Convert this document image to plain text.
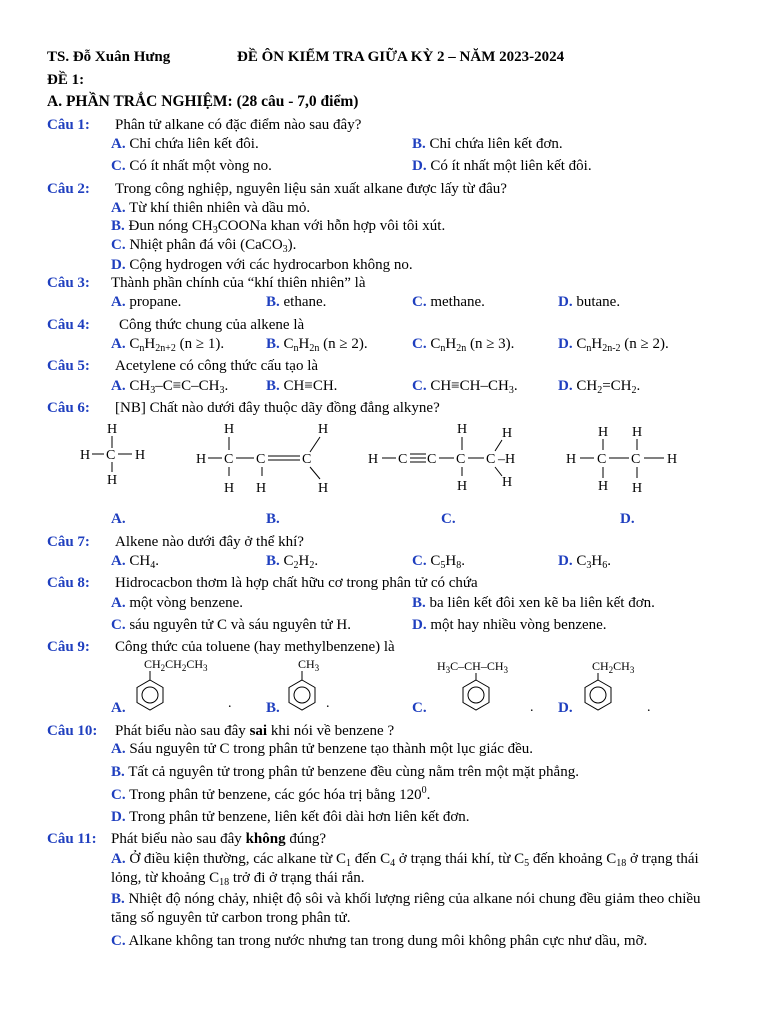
TS. Đỗ Xuân Hưng	ĐỀ ÔN KIỂM TRA GIỮA KỲ 2 – NĂM 2023-2024
ĐỀ 1:
A. PHẦN TRẮC NGHIỆM: (28 câu - 7,0 điểm)
Câu 1: Phân tử alkane có đặc điểm nào sau đây?
A. Chỉ chứa liên kết đôi.	B. Chỉ chứa liên kết đơn.
C. Có ít nhất một vòng no.	D. Có ít nhất một liên kết đôi.
Câu 2: Trong công nghiệp, nguyên liệu sản xuất alkane được lấy từ đâu?
A. Từ khí thiên nhiên và dầu mỏ.
B. Đun nóng $CH_3COONa$ khan với hỗn hợp vôi tôi xút.
C. Nhiệt phân đá vôi (CaCO$_3$).
D. Cộng hydrogen với các hydrocarbon không no.
Câu 3: Thành phần chính của “khí thiên nhiên” là
A. propane.	B. ethane.	C. methane.	D. butane.
Câu 4: Công thức chung của alkene là
A. $C_nH_{2n+2}$ (n ≥ 1).	B. $C_nH_{2n}$ (n ≥ 2).	C. $C_nH_{2n}$ (n ≥ 3).	D. $C_nH_{2n-2}$ (n ≥ 2).
Câu 5: Acetylene có công thức cấu tạo là
A. $CH_3-C\equiv C-CH_3$.	B. CH≡CH.	C. $CH\equiv CH-CH_3$.	D. $CH_2=CH_2$.
Câu 6: [NB] Chất nào dưới đây thuộc dãy đồng đẳng alkyne?
H
H C H
H
H	H
H C C	C
H H	H
H H
H C C C C –H
H H
H H
H C C H
H H
A.	B.	C.	D.
Câu 7: Alkene nào dưới đây ở thể khí?
A. $CH_4$.	B. $C_2H_2$.	C. $C_5H_8$.	D. $C_3H_6$.
Câu 8: Hidrocacbon thơm là hợp chất hữu cơ trong phân tử có chứa
A. một vòng benzene.	B. ba liên kết đôi xen kẽ ba liên kết đơn.
C. sáu nguyên tử C và sáu nguyên tử H.	D. một hay nhiều vòng benzene.
Câu 9: Công thức của toluene (hay methylbenzene) là
$CH_2CH_2CH_3$
.
$CH_3$
.
$H_3C-CH-CH_3$
.
$CH_2CH_3$
.
A.	B.	C.	D.
Câu 10: Phát biểu nào sau đây sai khi nói về benzene ?
A. Sáu nguyên tử C trong phân tử benzene tạo thành một lục giác đều.
B. Tất cả nguyên tử trong phân tử benzene đều cùng nằm trên một mặt phẳng.
C. Trong phân tử benzene, các góc hóa trị bằng $120^0$.
D. Trong phân tử benzene, liên kết đôi dài hơn liên kết đơn.
Câu 11: Phát biểu nào sau đây không đúng?
A. Ở điều kiện thường, các alkane từ $C_1$ đến $C_4$ ở trạng thái khí, từ $C_5$ đến khoảng $C_{18}$ ở trạng thái lỏng, từ khoảng $C_{18}$ trở đi ở trạng thái rắn.
B. Nhiệt độ nóng chảy, nhiệt độ sôi và khối lượng riêng của alkane nói chung đều giảm theo chiều tăng số nguyên tử carbon trong phân tử.
C. Alkane không tan trong nước nhưng tan trong dung môi không phân cực như dầu, mỡ.
